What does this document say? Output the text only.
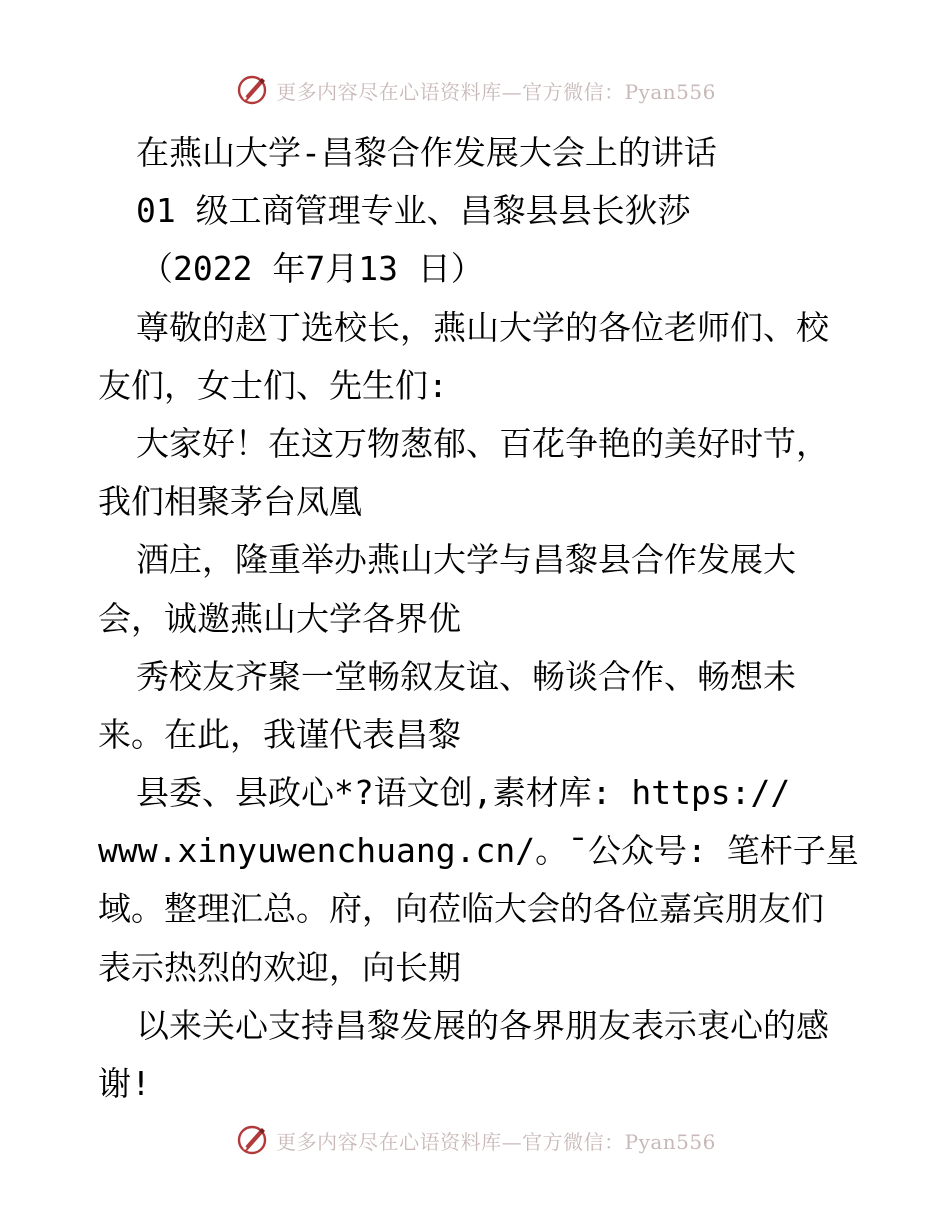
更多内容尽在心语资料库—官方微信：Pyan556
在燕山大学-昌黎合作发展大会上的讲话
01 级工商管理专业、昌黎县县长狄莎
（2022 年7月13 日）
尊敬的赵丁选校长，燕山大学的各位老师们、校
友们，女士们、先生们:
大家好！在这万物葱郁、百花争艳的美好时节，
我们相聚茅台凤凰
酒庄，隆重举办燕山大学与昌黎县合作发展大
会，诚邀燕山大学各界优
秀校友齐聚一堂畅叙友谊、畅谈合作、畅想未
来。在此，我谨代表昌黎
县委、县政心*?语文创,素材库: https://
www.xinyuwenchuang.cn/。¯公众号: 笔杆子星
域。整理汇总。府，向莅临大会的各位嘉宾朋友们
表示热烈的欢迎，向长期
以来关心支持昌黎发展的各界朋友表示衷心的感
谢!
更多内容尽在心语资料库—官方微信：Pyan556
